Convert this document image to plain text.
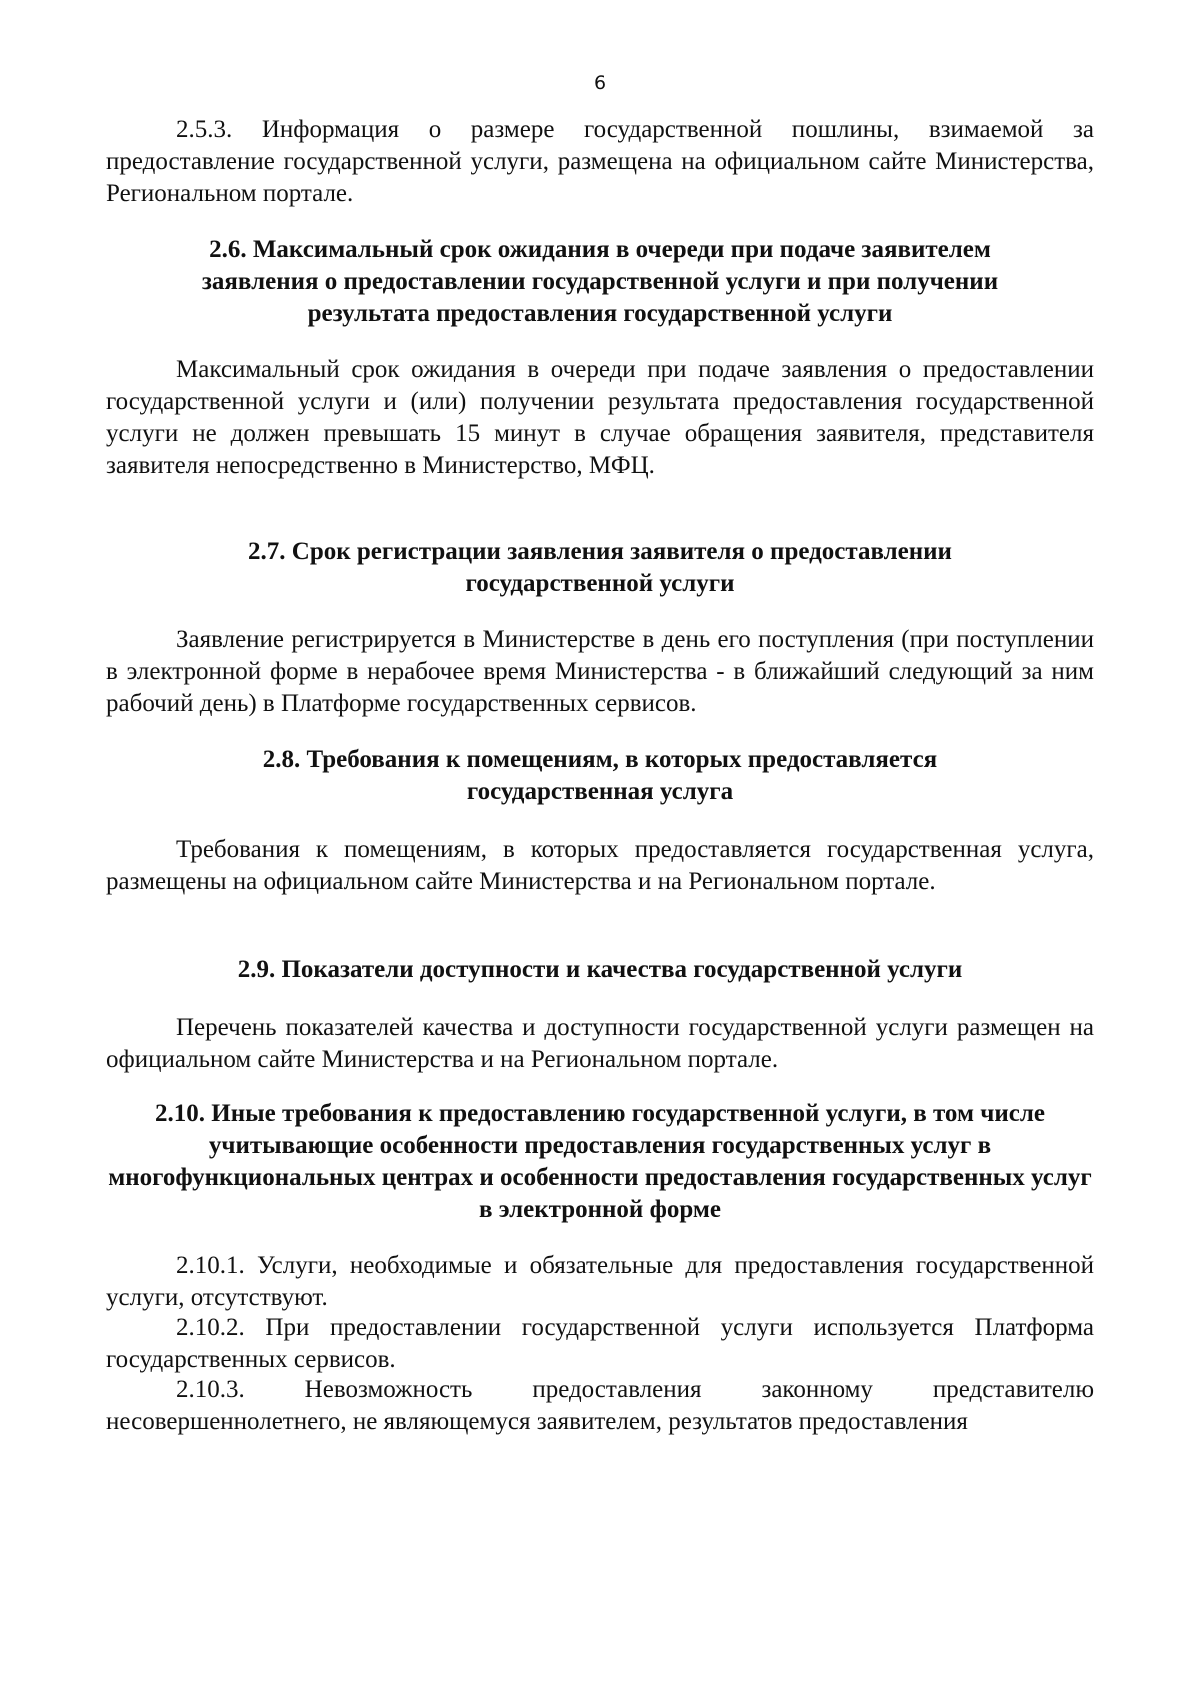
6

2.5.3. Информация о размере государственной пошлины, взимаемой за предоставление государственной услуги, размещена на официальном сайте Министерства, Региональном портале.

2.6. Максимальный срок ожидания в очереди при подаче заявителем заявления о предоставлении государственной услуги и при получении результата предоставления государственной услуги

Максимальный срок ожидания в очереди при подаче заявления о предоставлении государственной услуги и (или) получении результата предоставления государственной услуги не должен превышать 15 минут в случае обращения заявителя, представителя заявителя непосредственно в Министерство, МФЦ.

2.7. Срок регистрации заявления заявителя о предоставлении государственной услуги

Заявление регистрируется в Министерстве в день его поступления (при поступлении в электронной форме в нерабочее время Министерства - в ближайший следующий за ним рабочий день) в Платформе государственных сервисов.

2.8. Требования к помещениям, в которых предоставляется государственная услуга

Требования к помещениям, в которых предоставляется государственная услуга, размещены на официальном сайте Министерства и на Региональном портале.

2.9. Показатели доступности и качества государственной услуги

Перечень показателей качества и доступности государственной услуги размещен на официальном сайте Министерства и на Региональном портале.

2.10. Иные требования к предоставлению государственной услуги, в том числе учитывающие особенности предоставления государственных услуг в многофункциональных центрах и особенности предоставления государственных услуг в электронной форме

2.10.1. Услуги, необходимые и обязательные для предоставления государственной услуги, отсутствуют.

2.10.2. При предоставлении государственной услуги используется Платформа государственных сервисов.

2.10.3. Невозможность предоставления законному представителю несовершеннолетнего, не являющемуся заявителем, результатов предоставления
